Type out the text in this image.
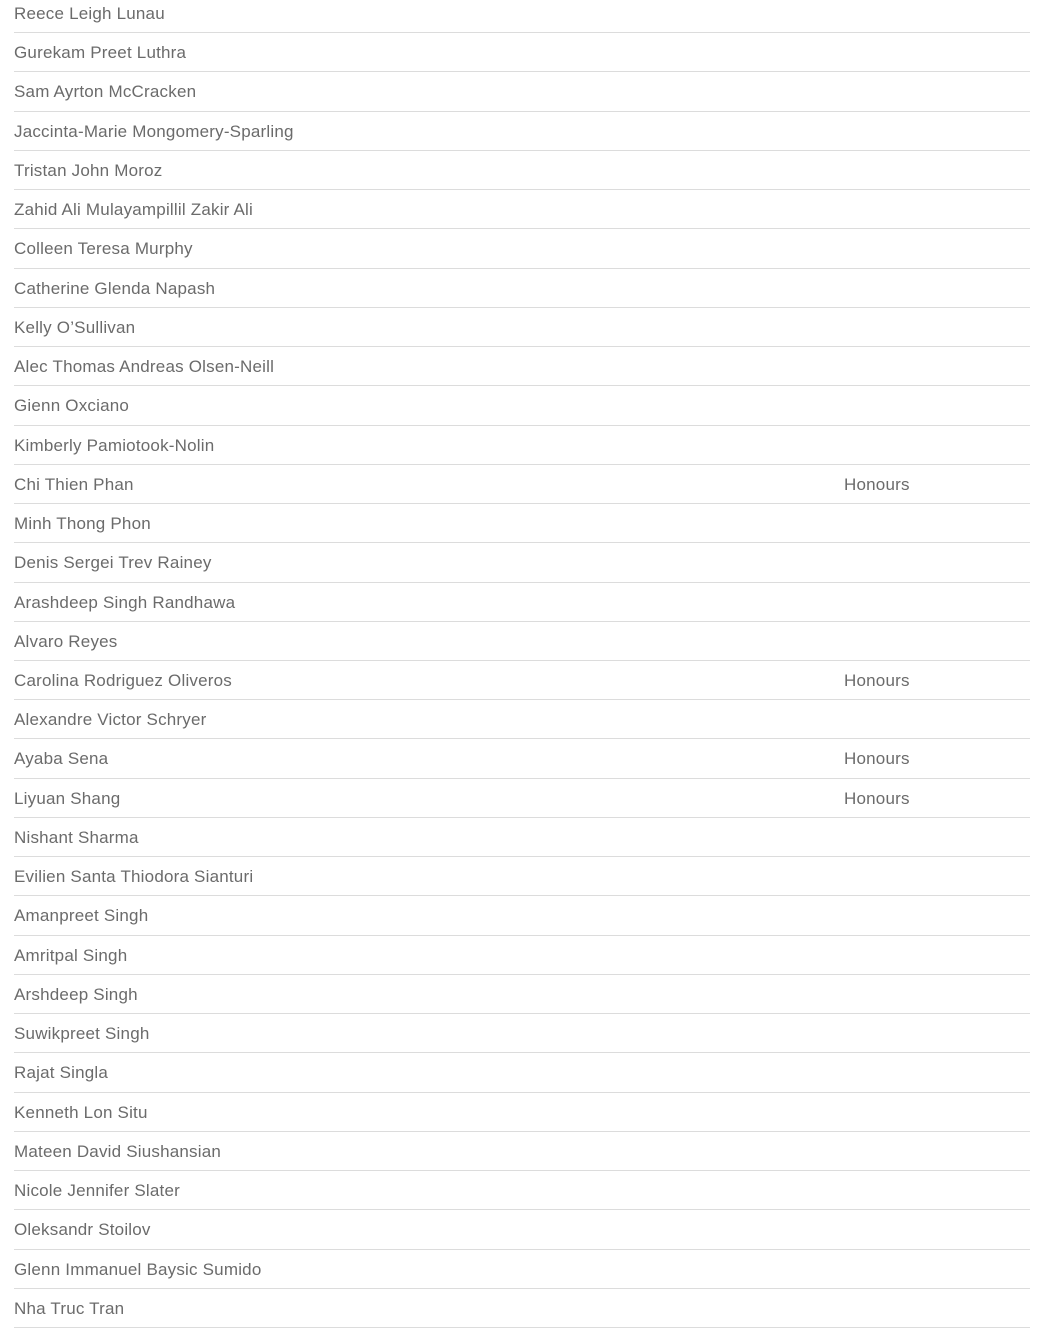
Reece Leigh Lunau
Gurekam Preet Luthra
Sam Ayrton McCracken
Jaccinta-Marie Mongomery-Sparling
Tristan John Moroz
Zahid Ali Mulayampillil Zakir Ali
Colleen Teresa Murphy
Catherine Glenda Napash
Kelly O’Sullivan
Alec Thomas Andreas Olsen-Neill
Gienn Oxciano
Kimberly Pamiotook-Nolin
Chi Thien Phan	Honours
Minh Thong Phon
Denis Sergei Trev Rainey
Arashdeep Singh Randhawa
Alvaro Reyes
Carolina Rodriguez Oliveros	Honours
Alexandre Victor Schryer
Ayaba Sena	Honours
Liyuan Shang	Honours
Nishant Sharma
Evilien Santa Thiodora Sianturi
Amanpreet Singh
Amritpal Singh
Arshdeep Singh
Suwikpreet Singh
Rajat Singla
Kenneth Lon Situ
Mateen David Siushansian
Nicole Jennifer Slater
Oleksandr Stoilov
Glenn Immanuel Baysic Sumido
Nha Truc Tran
